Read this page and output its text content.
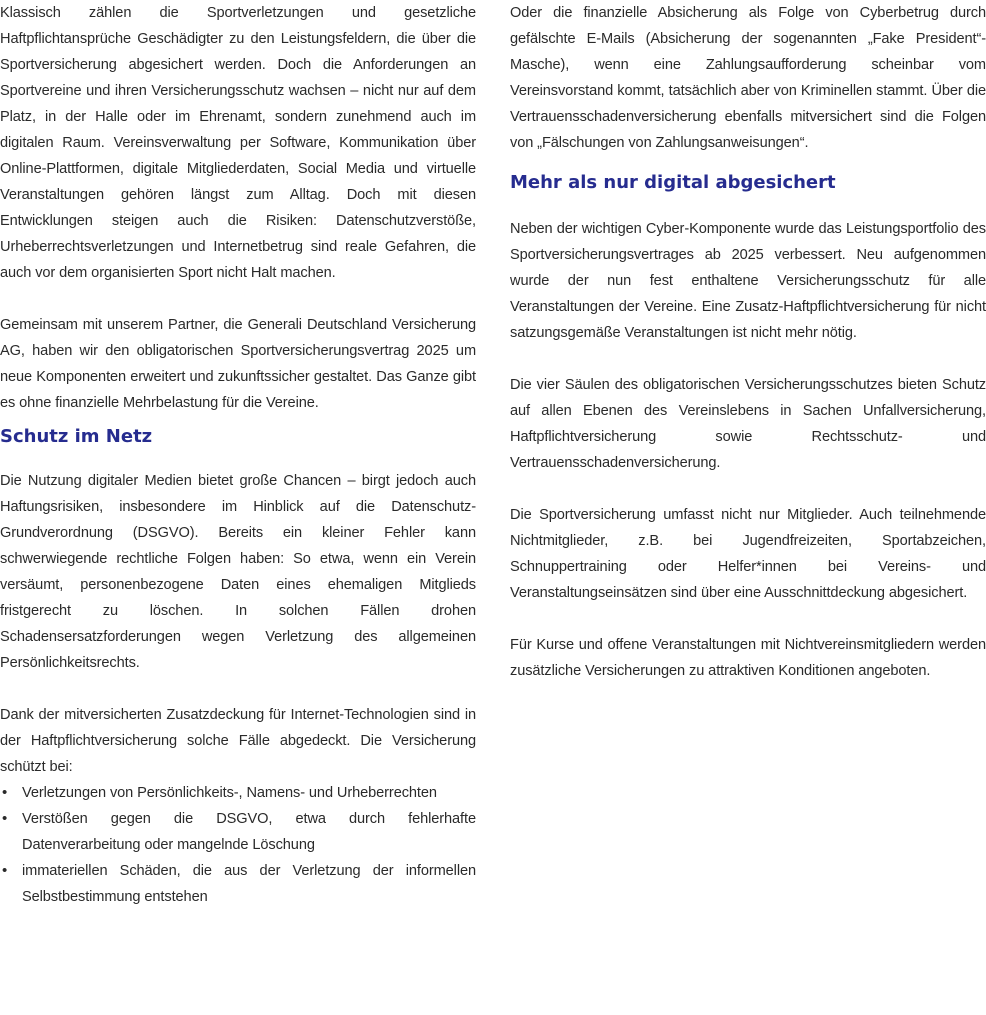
Klassisch zählen die Sportverletzungen und gesetzliche Haftpflichtansprüche Geschädigter zu den Leistungsfeldern, die über die Sportversicherung abgesichert werden. Doch die Anforderungen an Sportvereine und ihren Versicherungsschutz wachsen – nicht nur auf dem Platz, in der Halle oder im Ehrenamt, sondern zunehmend auch im digitalen Raum. Vereinsverwaltung per Software, Kommunikation über Online-Plattformen, digitale Mitgliederdaten, Social Media und virtuelle Veranstaltungen gehören längst zum Alltag. Doch mit diesen Entwicklungen steigen auch die Risiken: Datenschutzverstöße, Urheberrechtsverletzungen und Internetbetrug sind reale Gefahren, die auch vor dem organisierten Sport nicht Halt machen.

Gemeinsam mit unserem Partner, die Generali Deutschland Versicherung AG, haben wir den obligatorischen Sportversicherungsvertrag 2025 um neue Komponenten erweitert und zukunftssicher gestaltet. Das Ganze gibt es ohne finanzielle Mehrbelastung für die Vereine.

Schutz im Netz

Die Nutzung digitaler Medien bietet große Chancen – birgt jedoch auch Haftungsrisiken, insbesondere im Hinblick auf die Datenschutz-Grundverordnung (DSGVO). Bereits ein kleiner Fehler kann schwerwiegende rechtliche Folgen haben: So etwa, wenn ein Verein versäumt, personenbezogene Daten eines ehemaligen Mitglieds fristgerecht zu löschen. In solchen Fällen drohen Schadensersatzforderungen wegen Verletzung des allgemeinen Persönlichkeitsrechts.

Dank der mitversicherten Zusatzdeckung für Internet-Technologien sind in der Haftpflichtversicherung solche Fälle abgedeckt. Die Versicherung schützt bei:

• Verletzungen von Persönlichkeits-, Namens- und Urheberrechten
• Verstößen gegen die DSGVO, etwa durch fehlerhafte Datenverarbeitung oder mangelnde Löschung
• immateriellen Schäden, die aus der Verletzung der informellen Selbstbestimmung entstehen

Oder die finanzielle Absicherung als Folge von Cyberbetrug durch gefälschte E-Mails (Absicherung der sogenannten „Fake President“-Masche), wenn eine Zahlungsaufforderung scheinbar vom Vereinsvorstand kommt, tatsächlich aber von Kriminellen stammt. Über die Vertrauensschadenversicherung ebenfalls mitversichert sind die Folgen von „Fälschungen von Zahlungsanweisungen“.

Mehr als nur digital abgesichert

Neben der wichtigen Cyber-Komponente wurde das Leistungsportfolio des Sportversicherungsvertrages ab 2025 verbessert. Neu aufgenommen wurde der nun fest enthaltene Versicherungsschutz für alle Veranstaltungen der Vereine. Eine Zusatz-Haftpflichtversicherung für nicht satzungsgemäße Veranstaltungen ist nicht mehr nötig.

Die vier Säulen des obligatorischen Versicherungsschutzes bieten Schutz auf allen Ebenen des Vereinslebens in Sachen Unfallversicherung, Haftpflichtversicherung sowie Rechtsschutz- und Vertrauensschadenversicherung.

Die Sportversicherung umfasst nicht nur Mitglieder. Auch teilnehmende Nichtmitglieder, z.B. bei Jugendfreizeiten, Sportabzeichen, Schnuppertraining oder Helfer*innen bei Vereins- und Veranstaltungseinsätzen sind über eine Ausschnittdeckung abgesichert.

Für Kurse und offene Veranstaltungen mit Nichtvereinsmitgliedern werden zusätzliche Versicherungen zu attraktiven Konditionen angeboten.
